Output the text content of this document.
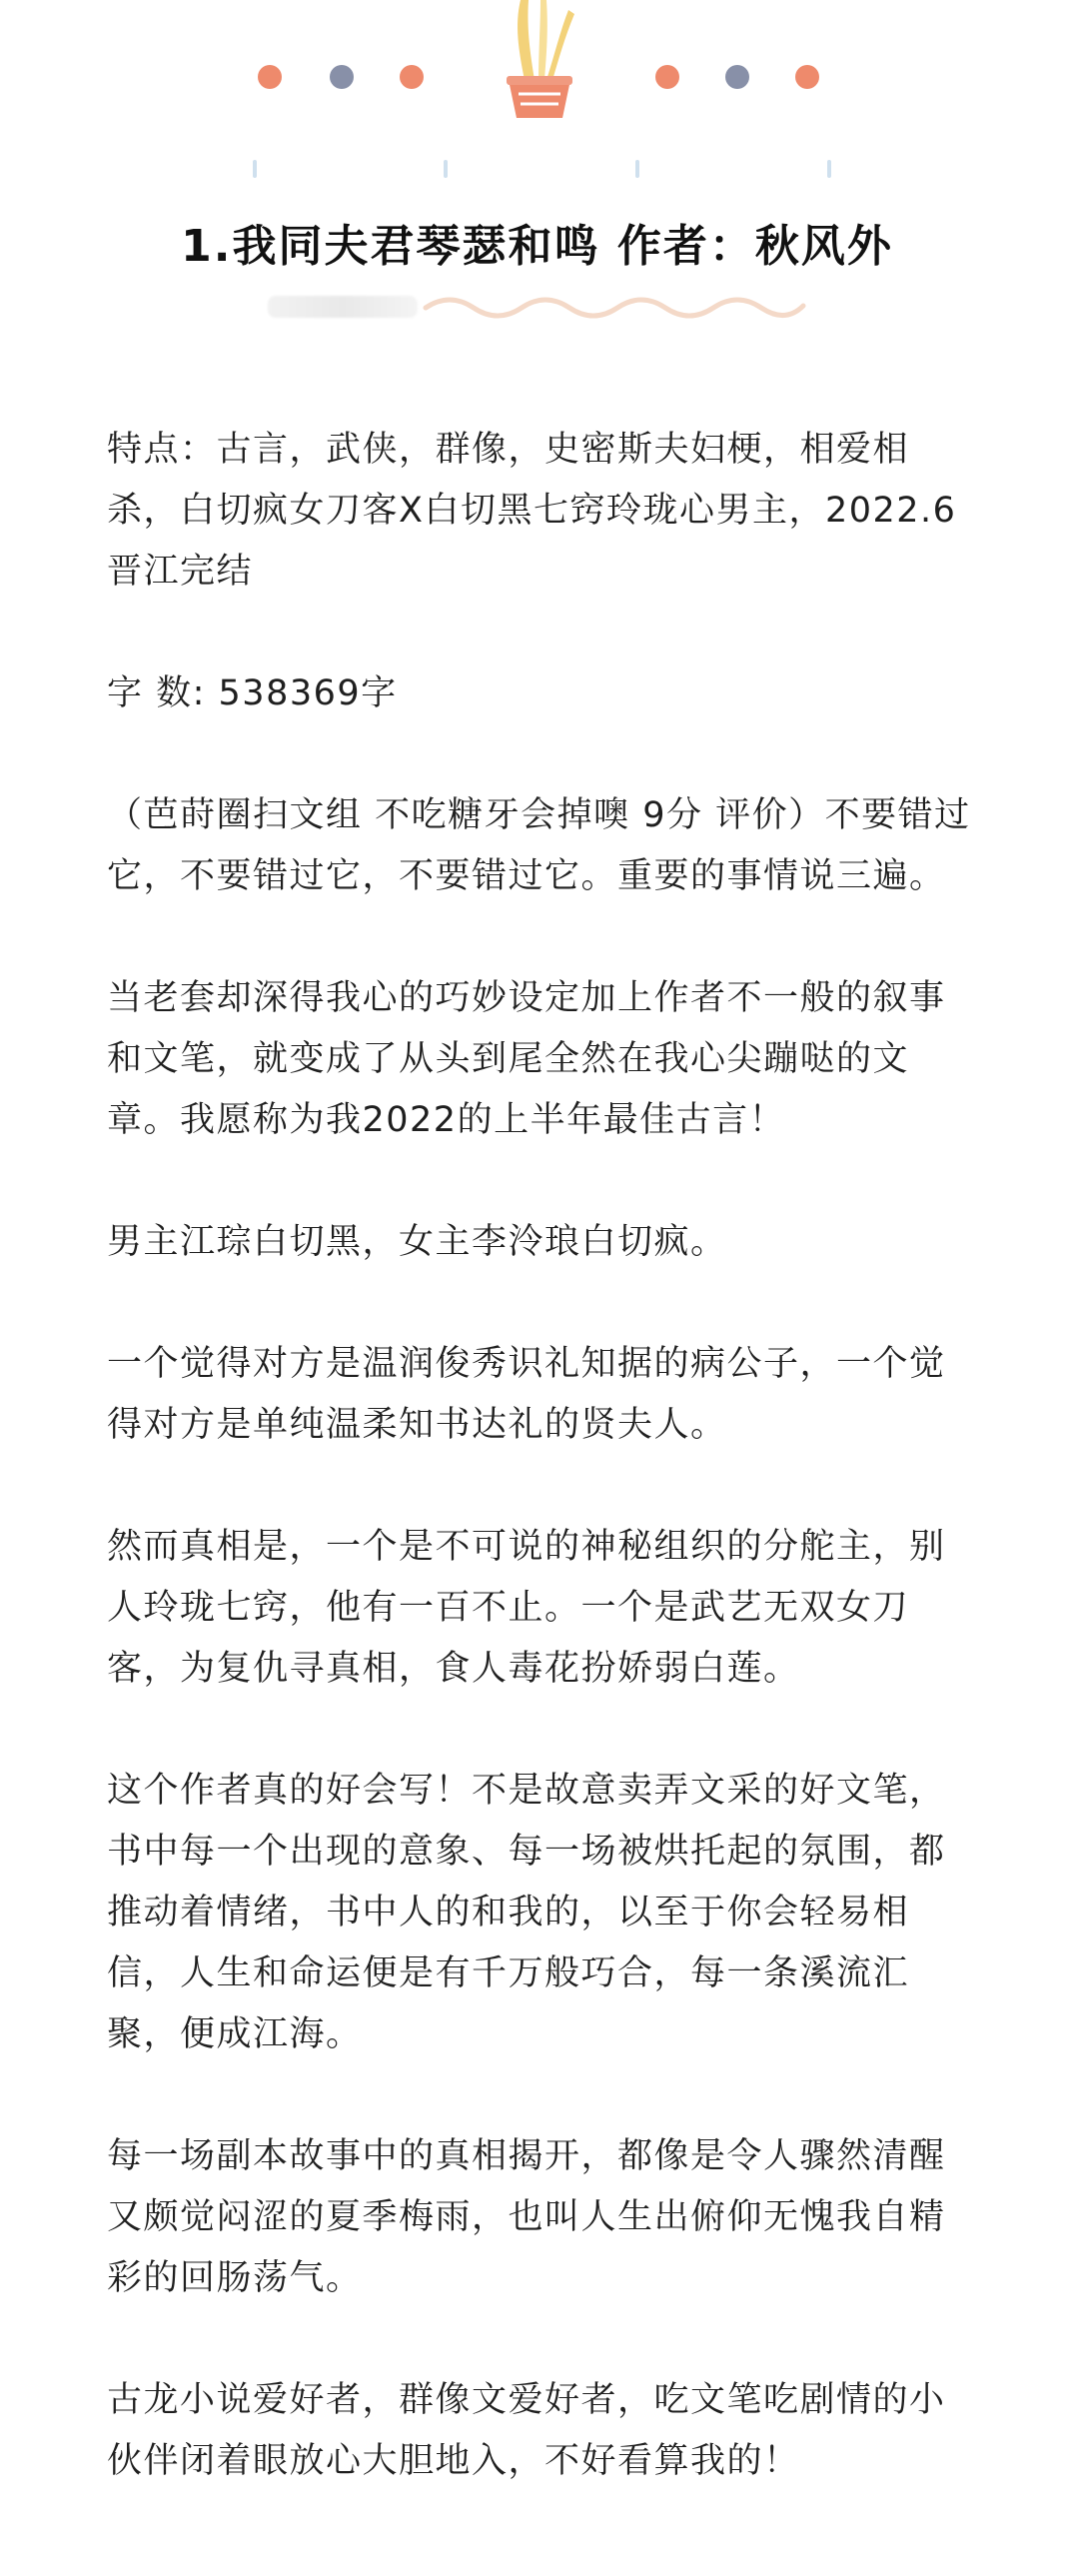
1.我同夫君琴瑟和鸣 作者：秋风外

特点：古言，武侠，群像，史密斯夫妇梗，相爱相杀，白切疯女刀客X白切黑七窍玲珑心男主，2022.6晋江完结

字 数: 538369字

（芭莳圈扫文组 不吃糖牙会掉噢 9分 评价）不要错过它，不要错过它，不要错过它。重要的事情说三遍。

当老套却深得我心的巧妙设定加上作者不一般的叙事和文笔，就变成了从头到尾全然在我心尖蹦哒的文章。我愿称为我2022的上半年最佳古言！

男主江琮白切黑，女主李泠琅白切疯。

一个觉得对方是温润俊秀识礼知据的病公子，一个觉得对方是单纯温柔知书达礼的贤夫人。

然而真相是，一个是不可说的神秘组织的分舵主，别人玲珑七窍，他有一百不止。一个是武艺无双女刀客，为复仇寻真相，食人毒花扮娇弱白莲。

这个作者真的好会写！不是故意卖弄文采的好文笔，书中每一个出现的意象、每一场被烘托起的氛围，都推动着情绪，书中人的和我的，以至于你会轻易相信，人生和命运便是有千万般巧合，每一条溪流汇聚，便成江海。

每一场副本故事中的真相揭开，都像是令人骤然清醒又颇觉闷涩的夏季梅雨，也叫人生出俯仰无愧我自精彩的回肠荡气。

古龙小说爱好者，群像文爱好者，吃文笔吃剧情的小伙伴闭着眼放心大胆地入，不好看算我的！
